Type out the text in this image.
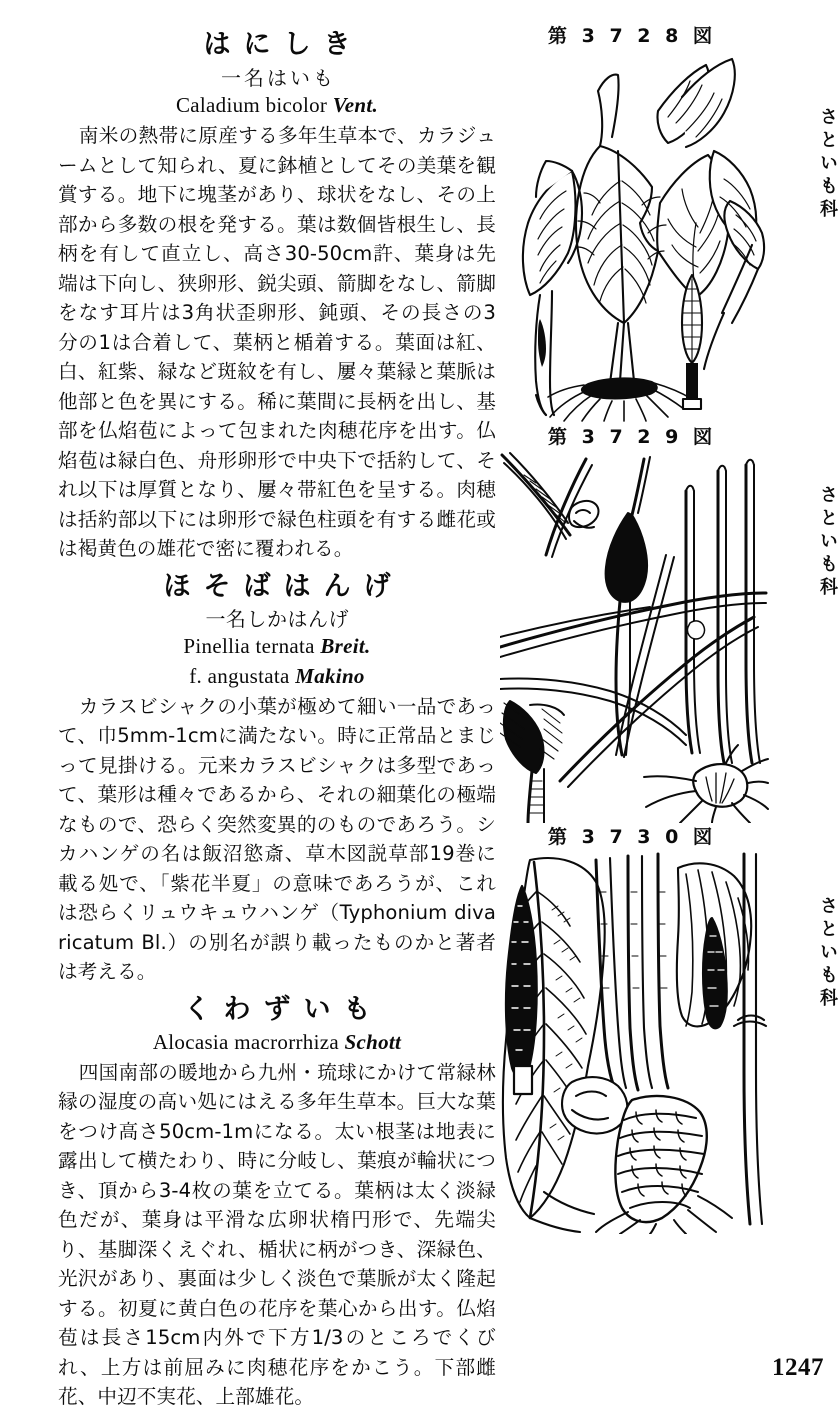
はにしき
一名はいも
Caladium bicolor Vent.

南米の熱帯に原産する多年生草本で、カラジュームとして知られ、夏に鉢植としてその美葉を観賞する。地下に塊茎があり、球状をなし、その上部から多数の根を発する。葉は数個皆根生し、長柄を有して直立し、高さ30-50cm許、葉身は先端は下向し、狭卵形、鋭尖頭、箭脚をなし、箭脚をなす耳片は3角状歪卵形、鈍頭、その長さの3分の1は合着して、葉柄と楯着する。葉面は紅、白、紅紫、緑など斑紋を有し、屢々葉縁と葉脈は他部と色を異にする。稀に葉間に長柄を出し、基部を仏焰苞によって包まれた肉穂花序を出す。仏焰苞は緑白色、舟形卵形で中央下で括約して、それ以下は厚質となり、屢々帯紅色を呈する。肉穂は括約部以下には卵形で緑色柱頭を有する雌花或は褐黄色の雄花で密に覆われる。

ほそばはんげ
一名しかはんげ
Pinellia ternata Breit.
f. angustata Makino

カラスビシャクの小葉が極めて細い一品であって、巾5mm-1cmに満たない。時に正常品とまじって見掛ける。元来カラスビシャクは多型であって、葉形は種々であるから、それの細葉化の極端なもので、恐らく突然変異的のものであろう。シカハンゲの名は飯沼慾斎、草木図説草部19巻に載る処で、「紫花半夏」の意味であろうが、これは恐らくリュウキュウハンゲ（Typhonium divaricatum Bl.）の別名が誤り載ったものかと著者は考える。

くわずいも
Alocasia macrorrhiza Schott

四国南部の暖地から九州・琉球にかけて常緑林縁の湿度の高い処にはえる多年生草本。巨大な葉をつけ高さ50cm-1mになる。太い根茎は地表に露出して横たわり、時に分岐し、葉痕が輪状につき、頂から3-4枚の葉を立てる。葉柄は太く淡緑色だが、葉身は平滑な広卵状楕円形で、先端尖り、基脚深くえぐれ、楯状に柄がつき、深緑色、光沢があり、裏面は少しく淡色で葉脈が太く隆起する。初夏に黄白色の花序を葉心から出す。仏焰苞は長さ15cm内外で下方1/3のところでくびれ、上方は前屈みに肉穂花序をかこう。下部雌花、中辺不実花、上部雄花。

第 3 7 2 8 図
さといも科
第 3 7 2 9 図
さといも科
第 3 7 3 0 図
さといも科
1247
